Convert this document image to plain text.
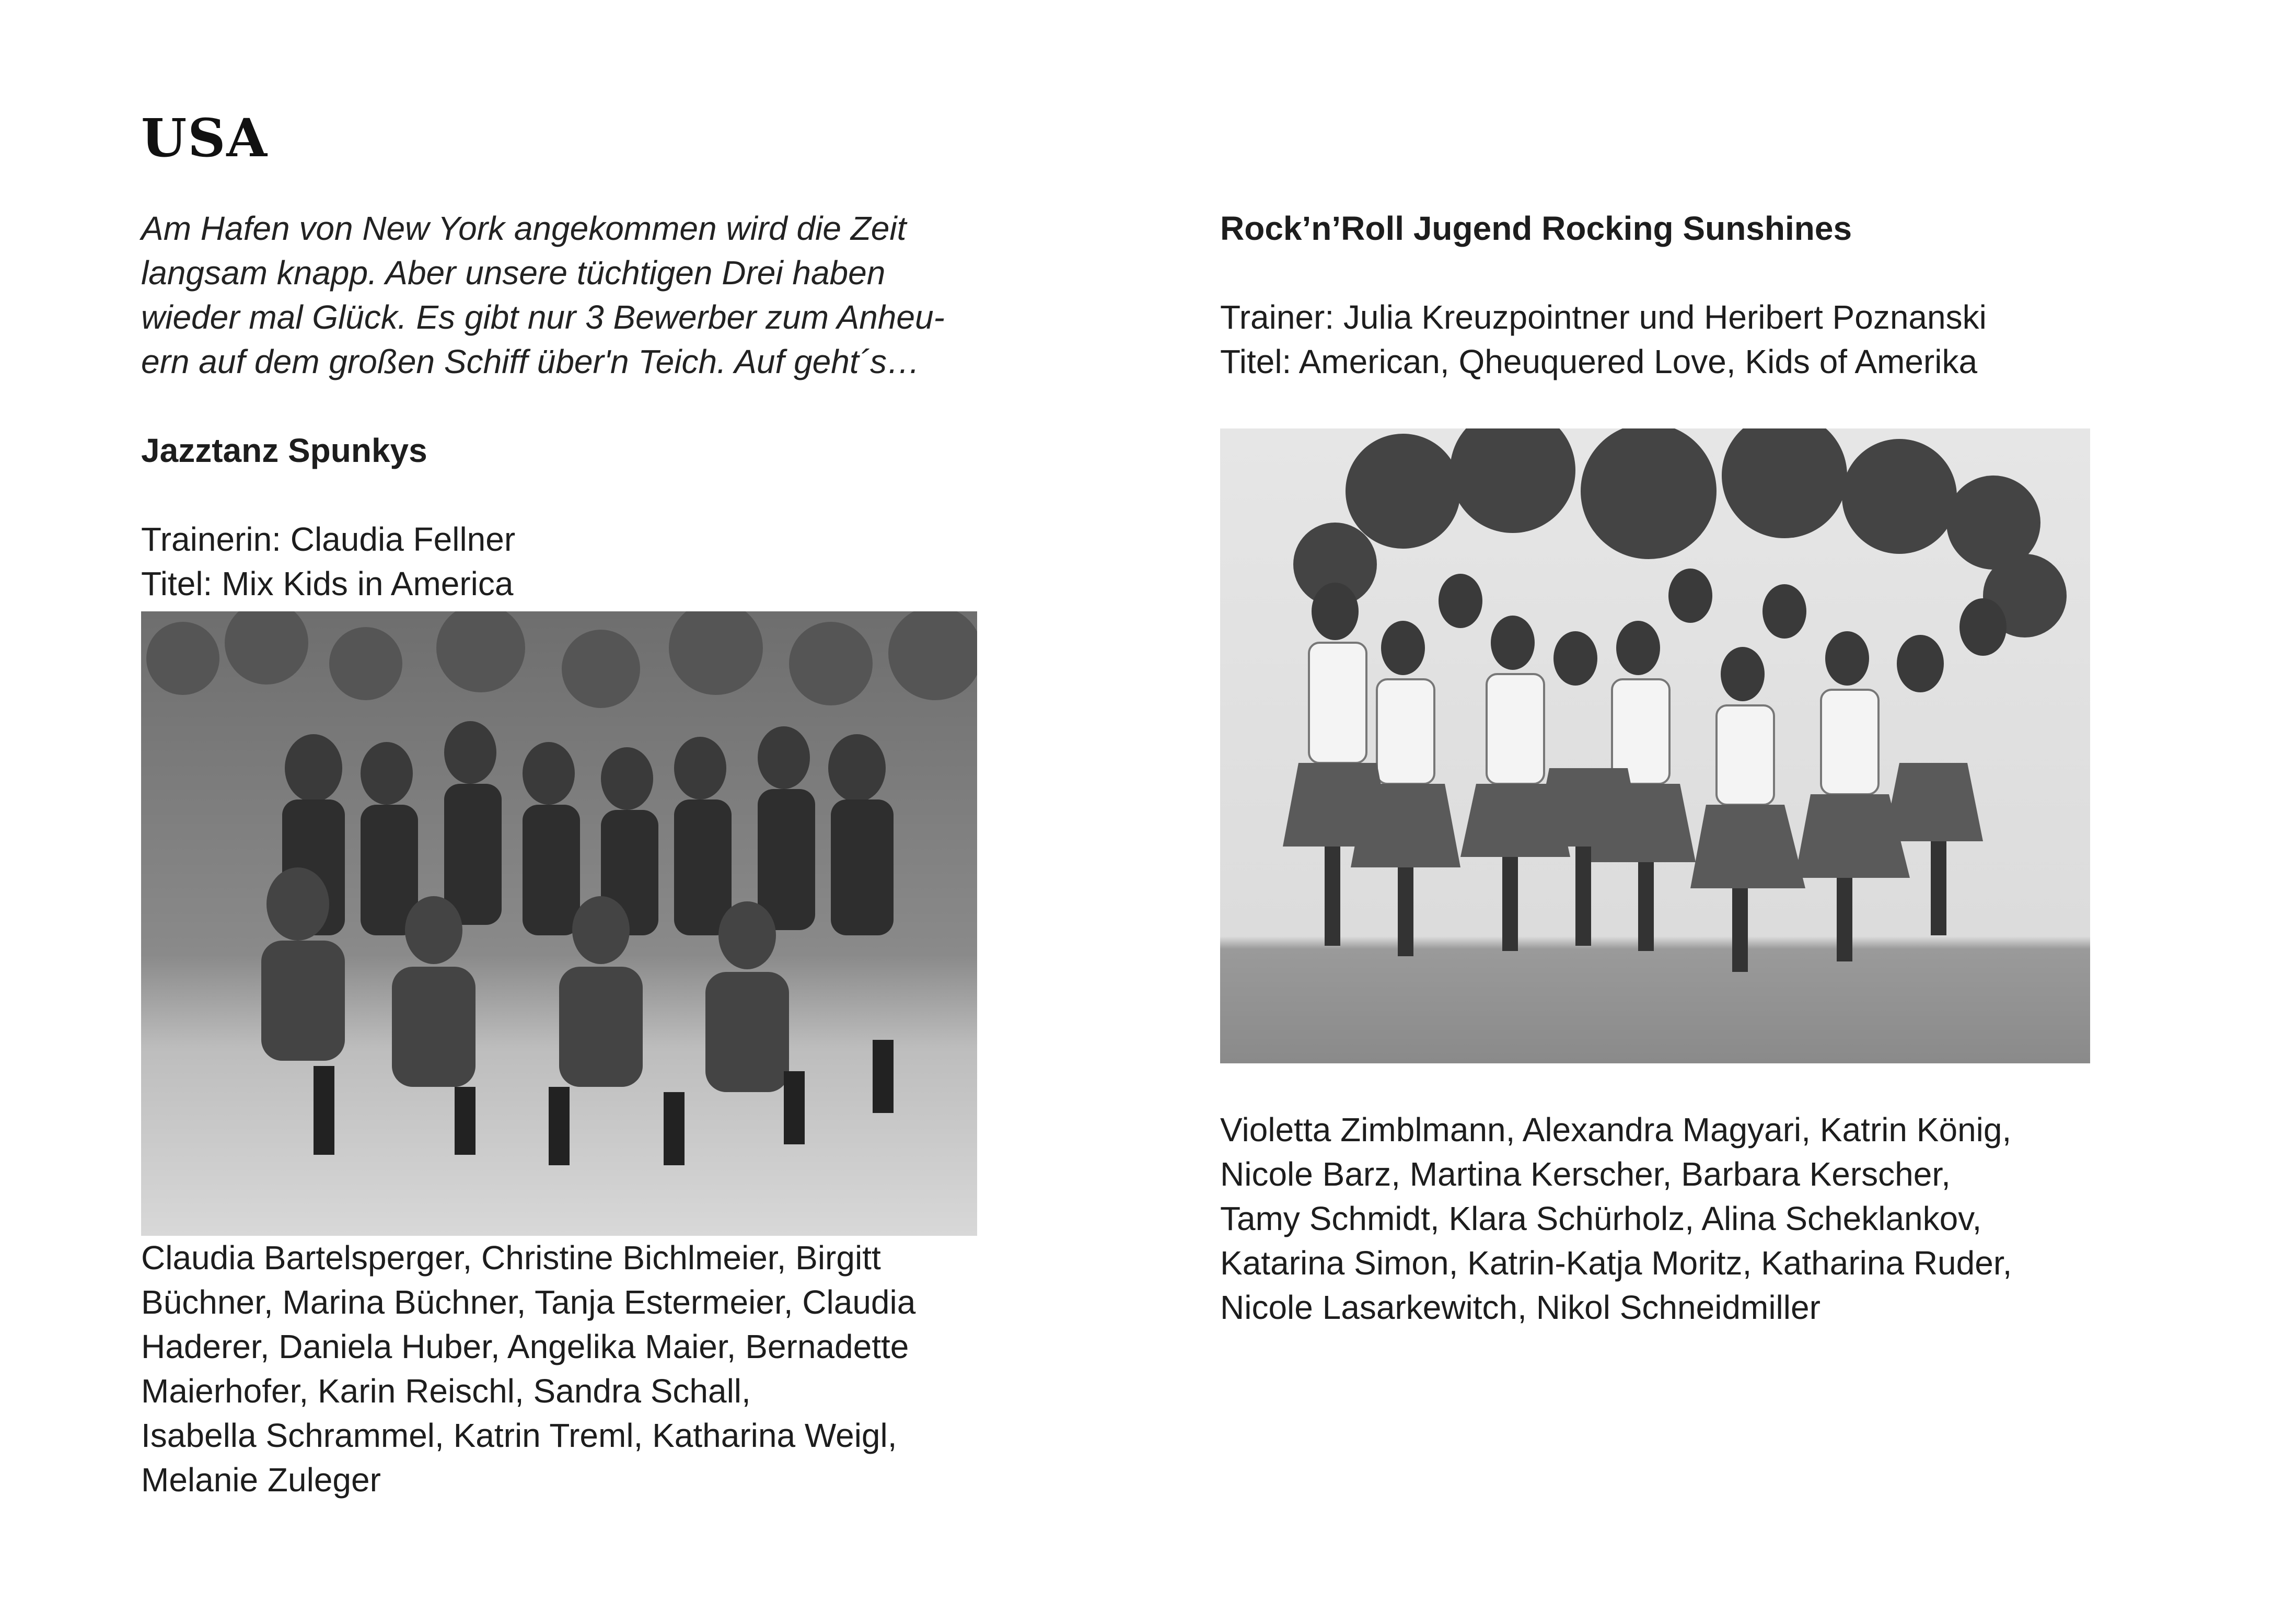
USA

Am Hafen von New York angekommen wird die Zeit
langsam knapp. Aber unsere tüchtigen Drei haben
wieder mal Glück. Es gibt nur 3 Bewerber zum Anheu-
ern auf dem großen Schiff über'n Teich. Auf geht´s…

Jazztanz Spunkys
Trainerin: Claudia Fellner
Titel: Mix Kids in America

Claudia Bartelsperger, Christine Bichlmeier, Birgitt
Büchner, Marina Büchner, Tanja Estermeier, Claudia
Haderer, Daniela Huber, Angelika Maier, Bernadette
Maierhofer, Karin Reischl, Sandra Schall,
Isabella Schrammel, Katrin Treml, Katharina Weigl,
Melanie Zuleger

Rock’n’Roll Jugend Rocking Sunshines
Trainer: Julia Kreuzpointner und Heribert Poznanski
Titel: American, Qheuquered Love, Kids of Amerika

Violetta Zimblmann, Alexandra Magyari, Katrin König,
Nicole Barz, Martina Kerscher, Barbara Kerscher,
Tamy Schmidt, Klara Schürholz, Alina Scheklankov,
Katarina Simon, Katrin-Katja Moritz, Katharina Ruder,
Nicole Lasarkewitch, Nikol Schneidmiller
